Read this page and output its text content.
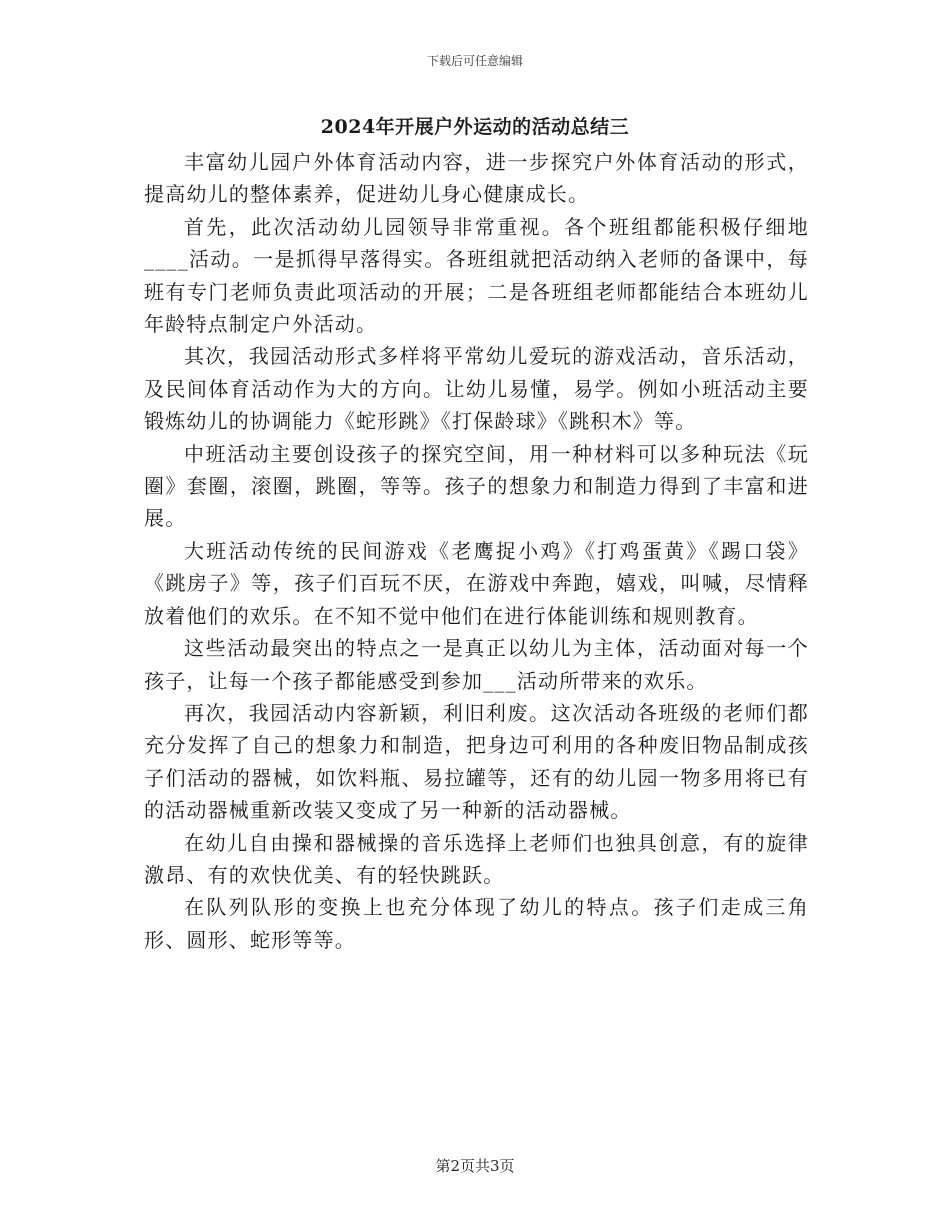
下载后可任意编辑
2024年开展户外运动的活动总结三

丰富幼儿园户外体育活动内容，进一步探究户外体育活动的形式，提高幼儿的整体素养，促进幼儿身心健康成长。

首先，此次活动幼儿园领导非常重视。各个班组都能积极仔细地____活动。一是抓得早落得实。各班组就把活动纳入老师的备课中，每班有专门老师负责此项活动的开展；二是各班组老师都能结合本班幼儿年龄特点制定户外活动。

其次，我园活动形式多样将平常幼儿爱玩的游戏活动，音乐活动，及民间体育活动作为大的方向。让幼儿易懂，易学。例如小班活动主要锻炼幼儿的协调能力《蛇形跳》《打保龄球》《跳积木》等。

中班活动主要创设孩子的探究空间，用一种材料可以多种玩法《玩圈》套圈，滚圈，跳圈，等等。孩子的想象力和制造力得到了丰富和进展。

大班活动传统的民间游戏《老鹰捉小鸡》《打鸡蛋黄》《踢口袋》《跳房子》等，孩子们百玩不厌，在游戏中奔跑，嬉戏，叫喊，尽情释放着他们的欢乐。在不知不觉中他们在进行体能训练和规则教育。

这些活动最突出的特点之一是真正以幼儿为主体，活动面对每一个孩子，让每一个孩子都能感受到参加___活动所带来的欢乐。

再次，我园活动内容新颖，利旧利废。这次活动各班级的老师们都充分发挥了自己的想象力和制造，把身边可利用的各种废旧物品制成孩子们活动的器械，如饮料瓶、易拉罐等，还有的幼儿园一物多用将已有的活动器械重新改装又变成了另一种新的活动器械。

在幼儿自由操和器械操的音乐选择上老师们也独具创意，有的旋律激昂、有的欢快优美、有的轻快跳跃。

在队列队形的变换上也充分体现了幼儿的特点。孩子们走成三角形、圆形、蛇形等等。

第2页共3页
